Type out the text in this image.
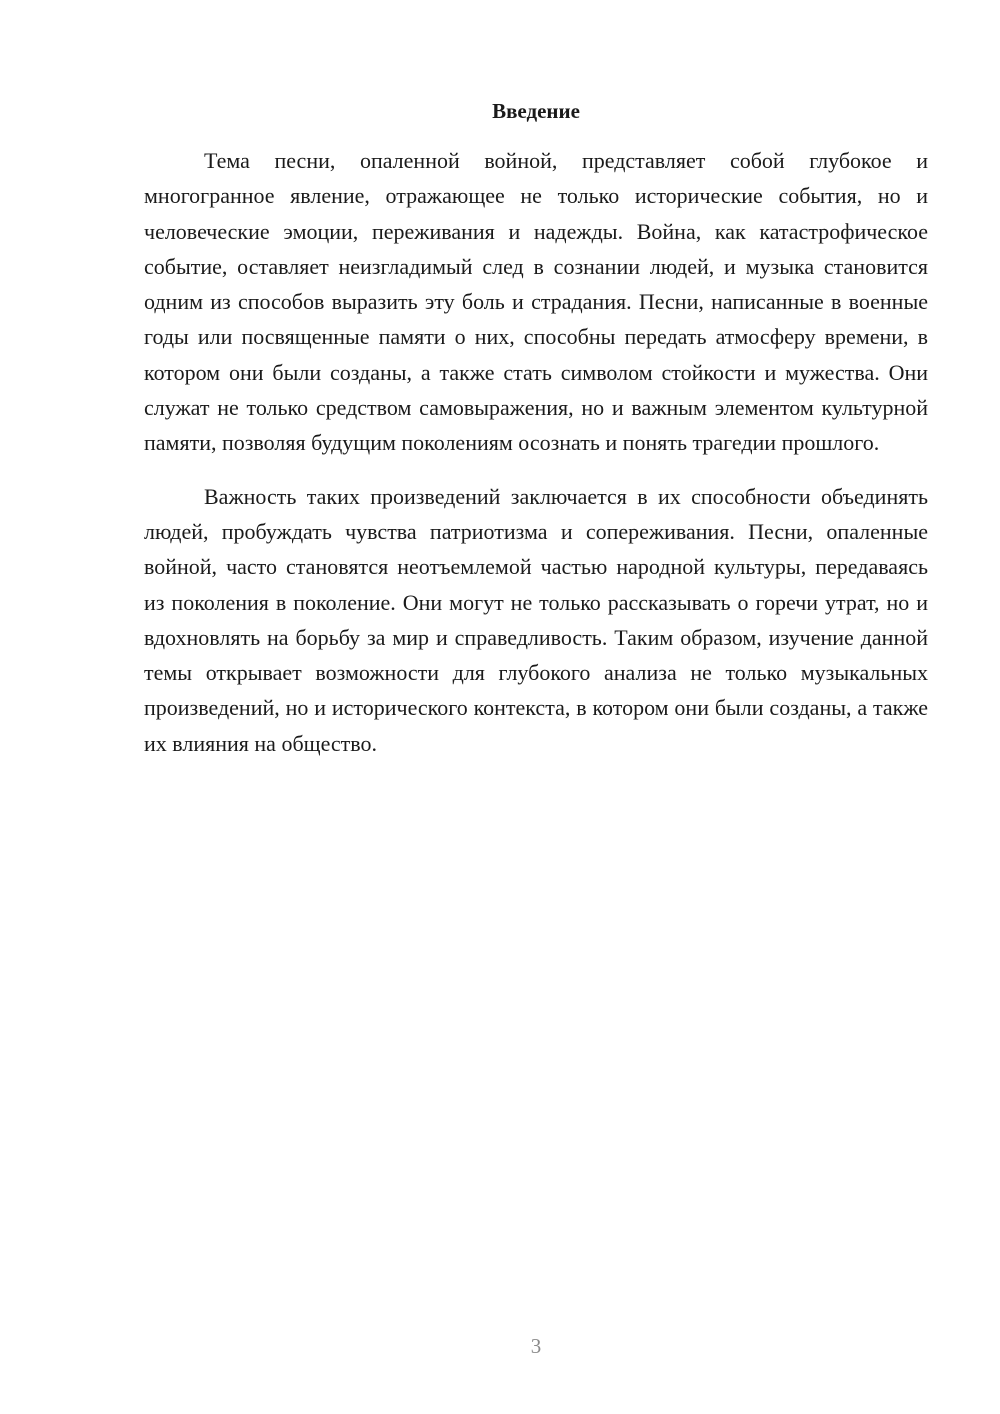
Введение

Тема песни, опаленной войной, представляет собой глубокое и многогранное явление, отражающее не только исторические события, но и человеческие эмоции, переживания и надежды. Война, как катастрофическое событие, оставляет неизгладимый след в сознании людей, и музыка становится одним из способов выразить эту боль и страдания. Песни, написанные в военные годы или посвященные памяти о них, способны передать атмосферу времени, в котором они были созданы, а также стать символом стойкости и мужества. Они служат не только средством самовыражения, но и важным элементом культурной памяти, позволяя будущим поколениям осознать и понять трагедии прошлого.

Важность таких произведений заключается в их способности объединять людей, пробуждать чувства патриотизма и сопереживания. Песни, опаленные войной, часто становятся неотъемлемой частью народной культуры, передаваясь из поколения в поколение. Они могут не только рассказывать о горечи утрат, но и вдохновлять на борьбу за мир и справедливость. Таким образом, изучение данной темы открывает возможности для глубокого анализа не только музыкальных произведений, но и исторического контекста, в котором они были созданы, а также их влияния на общество.

3
